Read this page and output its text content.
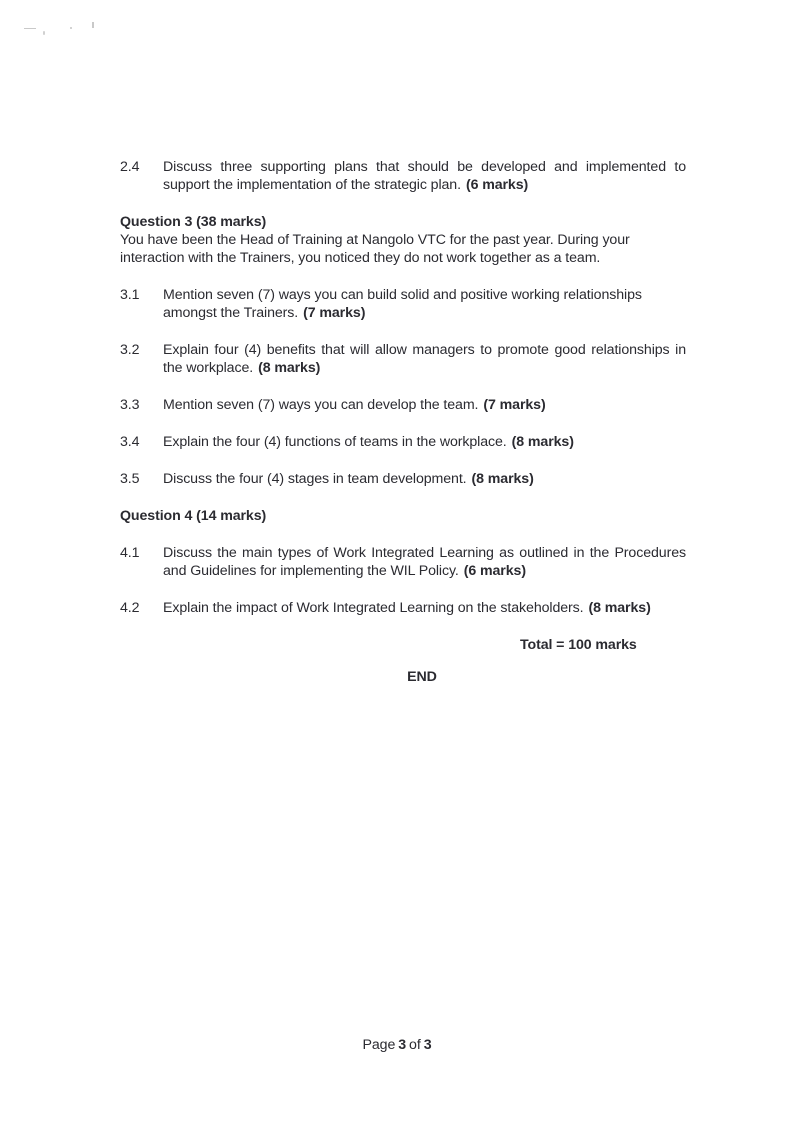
2.4	Discuss three supporting plans that should be developed and implemented to support the implementation of the strategic plan. (6 marks)

Question 3 (38 marks)

You have been the Head of Training at Nangolo VTC for the past year. During your interaction with the Trainers, you noticed they do not work together as a team.

3.1	Mention seven (7) ways you can build solid and positive working relationships amongst the Trainers. (7 marks)

3.2	Explain four (4) benefits that will allow managers to promote good relationships in the workplace. (8 marks)

3.3	Mention seven (7) ways you can develop the team. (7 marks)

3.4	Explain the four (4) functions of teams in the workplace. (8 marks)

3.5	Discuss the four (4) stages in team development. (8 marks)

Question 4 (14 marks)

4.1	Discuss the main types of Work Integrated Learning as outlined in the Procedures and Guidelines for implementing the WIL Policy. (6 marks)

4.2	Explain the impact of Work Integrated Learning on the stakeholders. (8 marks)

Total = 100 marks

END

Page 3 of 3
